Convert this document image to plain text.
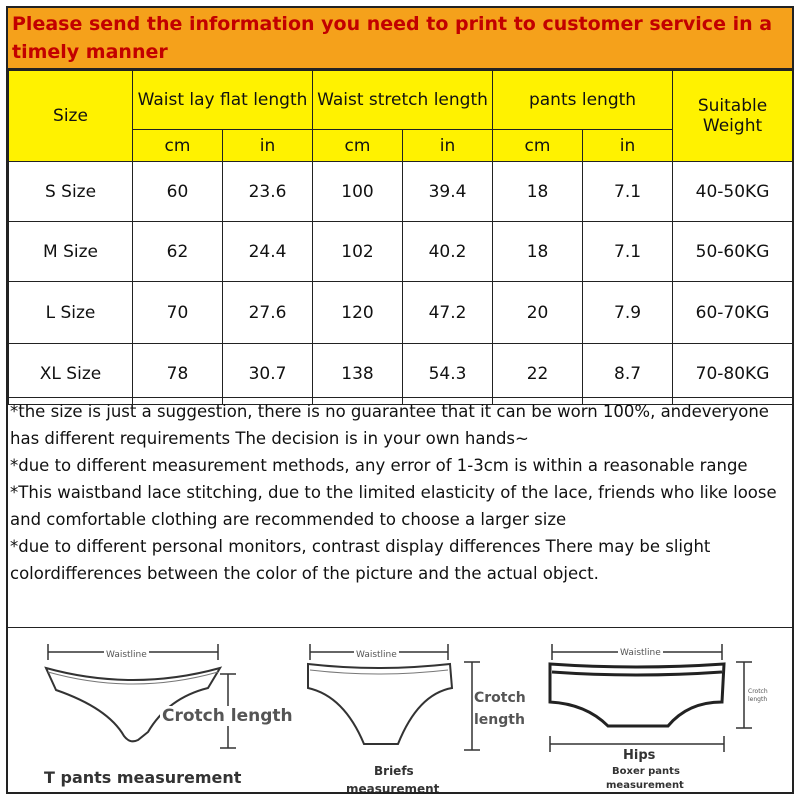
Please send the information you need to print to customer service in a timely manner
Size	Waist lay flat length		Waist stretch length		pants length		Suitable Weight
	cm	in	cm	in	cm	in	
S Size	60	23.6	100	39.4	18	7.1	40-50KG
M Size	62	24.4	102	40.2	18	7.1	50-60KG
L Size	70	27.6	120	47.2	20	7.9	60-70KG
XL Size	78	30.7	138	54.3	22	8.7	70-80KG
*the size is just a suggestion, there is no guarantee that it can be worn 100%, andeveryone has different requirements The decision is in your own hands~
*due to different measurement methods, any error of 1-3cm is within a reasonable range
*This waistband lace stitching, due to the limited elasticity of the lace, friends who like loose and comfortable clothing are recommended to choose a larger size
*due to different personal monitors, contrast display differences There may be slight colordifferences between the color of the picture and the actual object.
Waistline
Crotch length
T pants measurement
Waistline
Crotch
length
Briefs
measurement
Waistline
Crotch
length
Hips
Boxer pants
measurement
